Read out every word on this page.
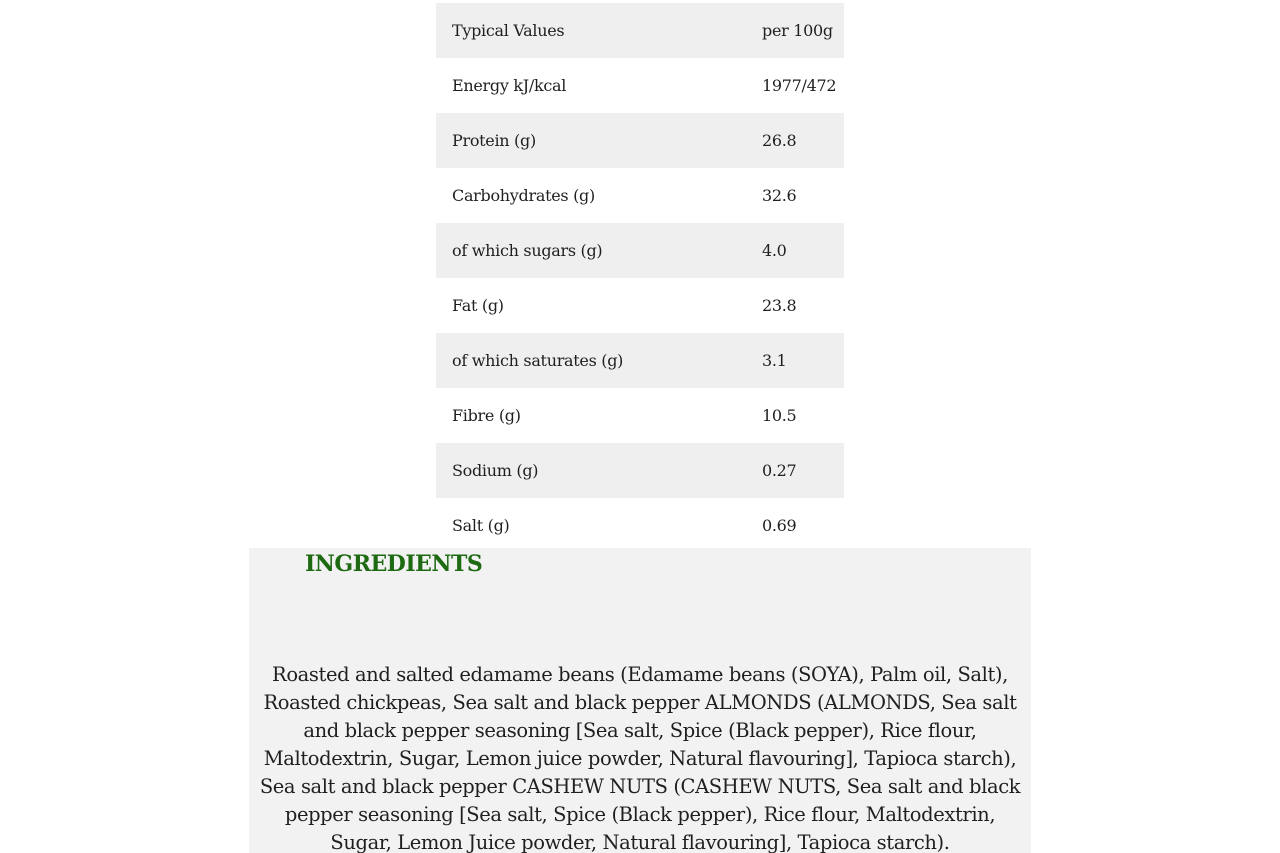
Typical Values	per 100g
Energy kJ/kcal	1977/472
Protein (g)	26.8
Carbohydrates (g)	32.6
of which sugars (g)	4.0
Fat (g)	23.8
of which saturates (g)	3.1
Fibre (g)	10.5
Sodium (g)	0.27
Salt (g)	0.69
INGREDIENTS

Roasted and salted edamame beans (Edamame beans (SOYA), Palm oil, Salt), Roasted chickpeas, Sea salt and black pepper ALMONDS (ALMONDS, Sea salt and black pepper seasoning [Sea salt, Spice (Black pepper), Rice flour, Maltodextrin, Sugar, Lemon juice powder, Natural flavouring], Tapioca starch), Sea salt and black pepper CASHEW NUTS (CASHEW NUTS, Sea salt and black pepper seasoning [Sea salt, Spice (Black pepper), Rice flour, Maltodextrin, Sugar, Lemon Juice powder, Natural flavouring], Tapioca starch).
